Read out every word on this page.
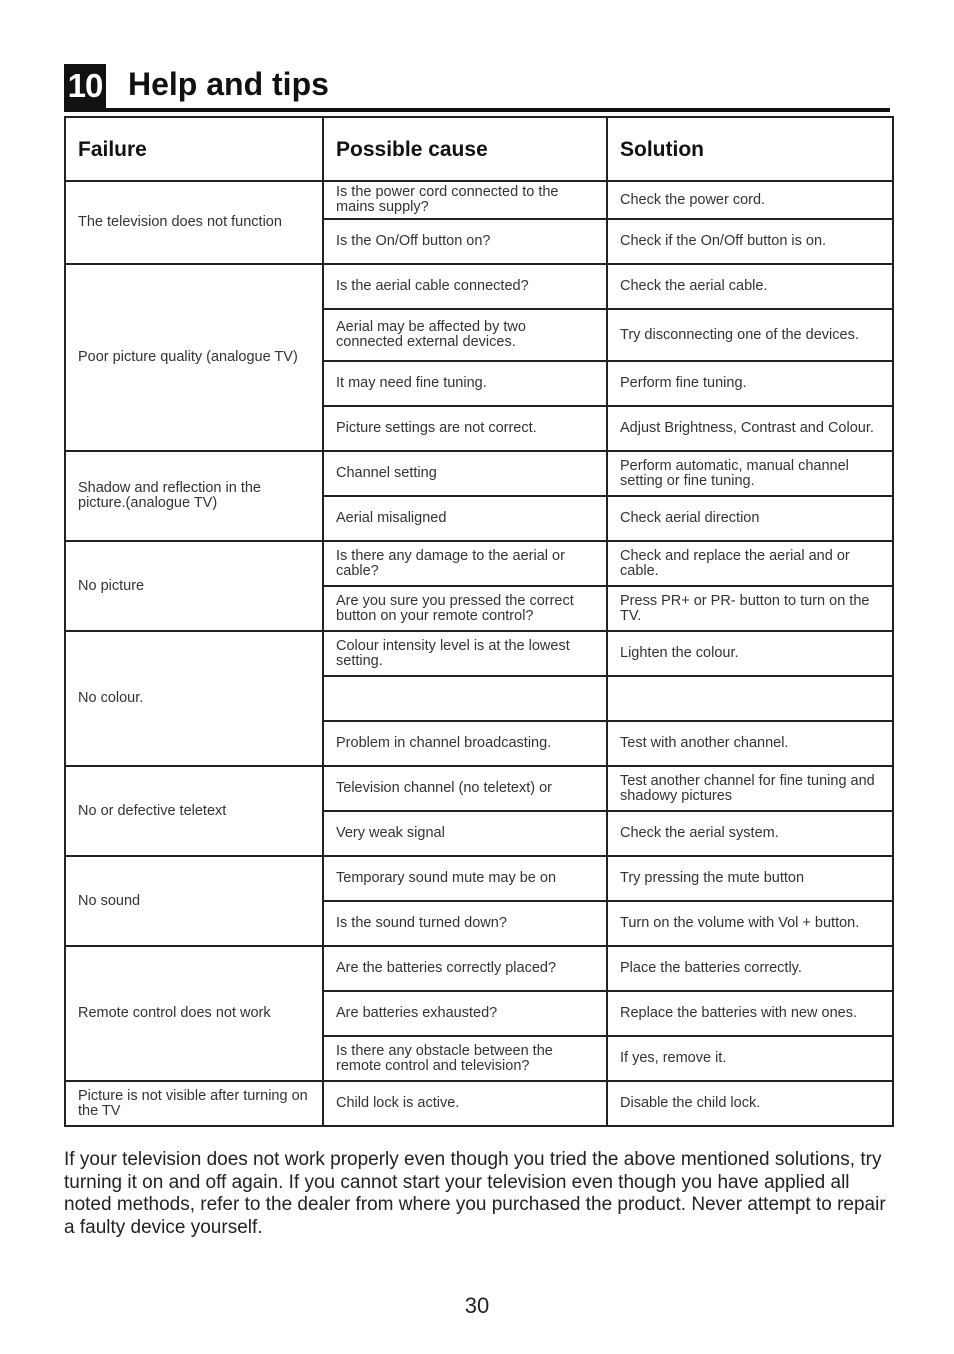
10 Help and tips
Failure	Possible cause	Solution
The television does not function	Is the power cord connected to the mains supply?	Check the power cord.
	Is the On/Off button on?	Check if the On/Off button is on.
Poor picture quality (analogue TV)	Is the aerial cable connected?	Check the aerial cable.
	Aerial may be affected by two connected external devices.	Try disconnecting one of the devices.
	It may need fine tuning.	Perform fine tuning.
	Picture settings are not correct.	Adjust Brightness, Contrast and Colour.
Shadow and reflection in the picture.(analogue TV)	Channel setting	Perform automatic, manual channel setting or fine tuning.
	Aerial misaligned	Check aerial direction
No picture	Is there any damage to the aerial or cable?	Check and replace the aerial and or cable.
	Are you sure you pressed the correct button on your remote control?	Press PR+ or PR- button to turn on the TV.
No colour.	Colour intensity level is at the lowest setting.	Lighten the colour.

	Problem in channel broadcasting.	Test with another channel.
No or defective teletext	Television channel (no teletext) or	Test another channel for fine tuning and shadowy pictures
	Very weak signal	Check the aerial system.
No sound	Temporary sound mute may be on	Try pressing the mute button
	Is the sound turned down?	Turn on the volume with Vol + button.
Remote control does not work	Are the batteries correctly placed?	Place the batteries correctly.
	Are batteries exhausted?	Replace the batteries with new ones.
	Is there any obstacle between the remote control and television?	If yes, remove it.
Picture is not visible after turning on the TV	Child lock is active.	Disable the child lock.
If your television does not work properly even though you tried the above mentioned solutions, try turning it on and off again. If you cannot start your television even though you have applied all noted methods, refer to the dealer from where you purchased the product. Never attempt to repair a faulty device yourself.
30
